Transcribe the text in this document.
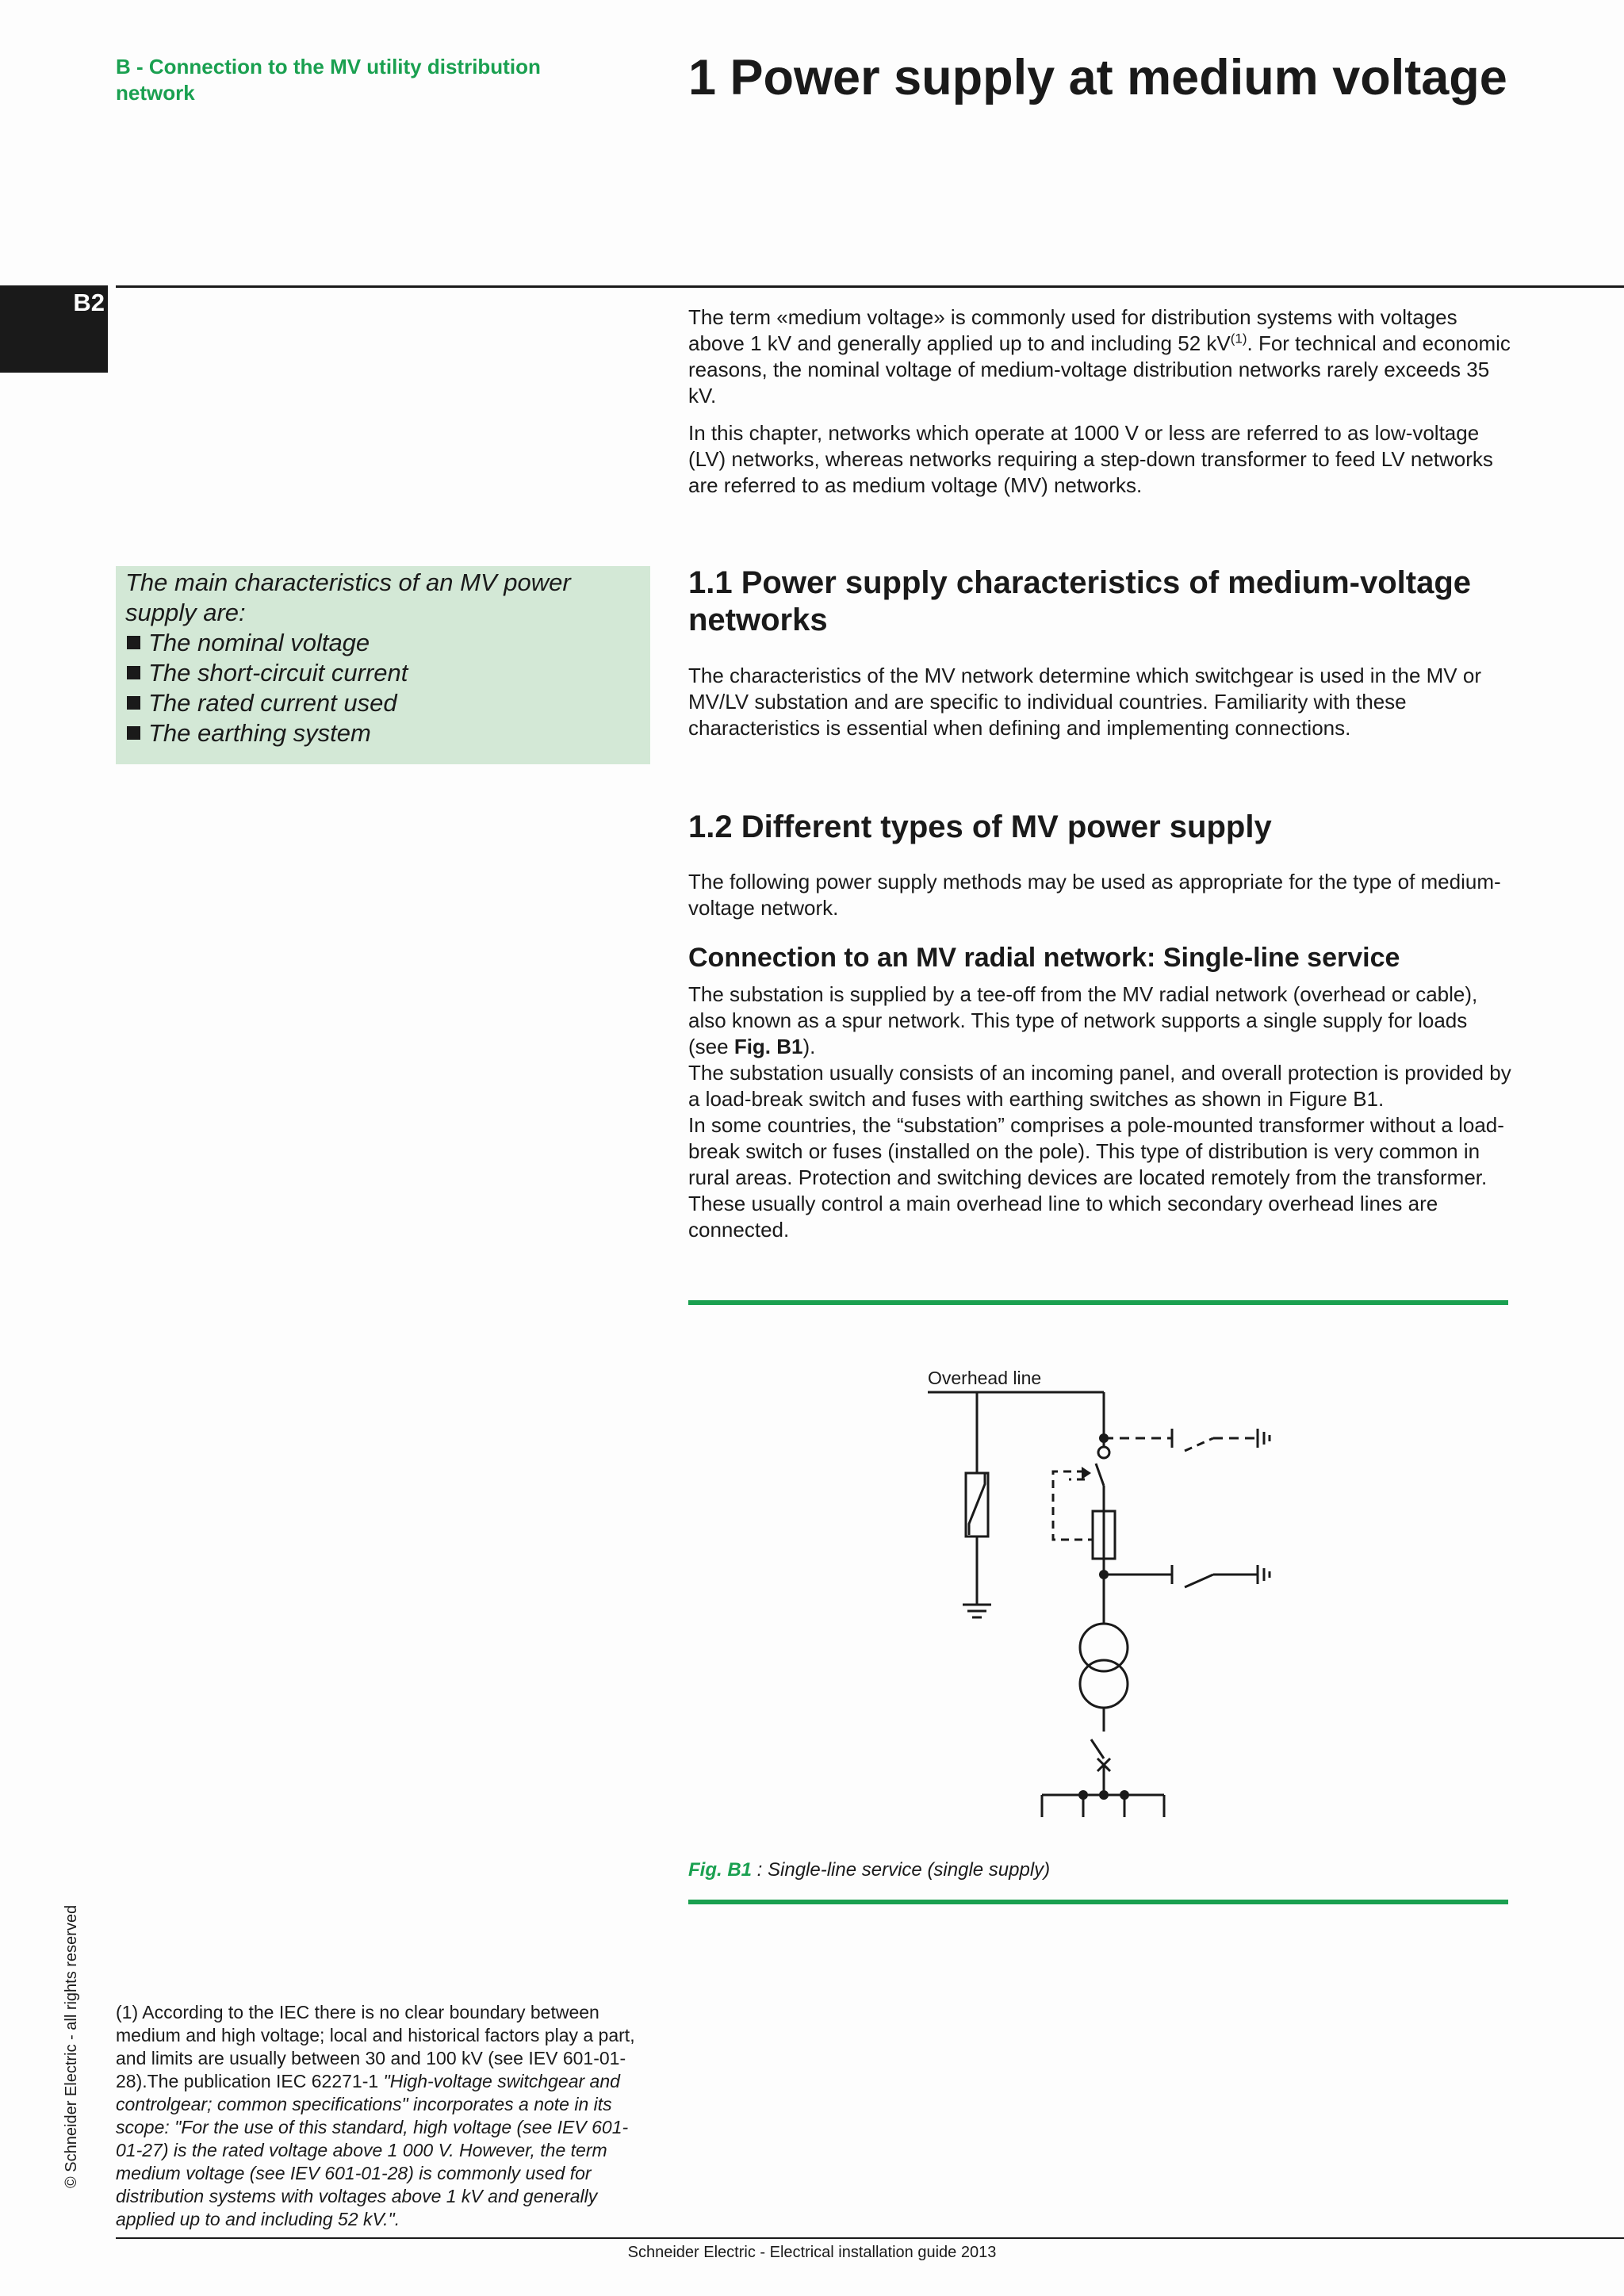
B - Connection to the MV utility distribution network	1 Power supply at medium voltage
B2

The term «medium voltage» is commonly used for distribution systems with voltages above 1 kV and generally applied up to and including 52 $kV^{(1)}$. For technical and economic reasons, the nominal voltage of medium-voltage distribution networks rarely exceeds 35 kV.

In this chapter, networks which operate at 1000 V or less are referred to as low-voltage (LV) networks, whereas networks requiring a step-down transformer to feed LV networks are referred to as medium voltage (MV) networks.
The main characteristics of an MV power supply are:
The nominal voltage
The short-circuit current
The rated current used
The earthing system
1.1 Power supply characteristics of medium-voltage networks
The characteristics of the MV network determine which switchgear is used in the MV or MV/LV substation and are specific to individual countries. Familiarity with these characteristics is essential when defining and implementing connections.
1.2 Different types of MV power supply
The following power supply methods may be used as appropriate for the type of medium-voltage network.
Connection to an MV radial network: Single-line service

The substation is supplied by a tee-off from the MV radial network (overhead or cable), also known as a spur network. This type of network supports a single supply for loads (see Fig. B1).

The substation usually consists of an incoming panel, and overall protection is provided by a load-break switch and fuses with earthing switches as shown in Figure B1.

In some countries, the “substation” comprises a pole-mounted transformer without a load-break switch or fuses (installed on the pole). This type of distribution is very common in rural areas. Protection and switching devices are located remotely from the transformer. These usually control a main overhead line to which secondary overhead lines are connected.

Overhead line
Fig. B1 : Single-line service (single supply)
(1) According to the IEC there is no clear boundary between medium and high voltage; local and historical factors play a part, and limits are usually between 30 and 100 kV (see IEV 601-01-28).The publication IEC 62271-1 "High-voltage switchgear and controlgear; common specifications" incorporates a note in its scope: "For the use of this standard, high voltage (see IEV 601-01-27) is the rated voltage above 1 000 V. However, the term medium voltage (see IEV 601-01-28) is commonly used for distribution systems with voltages above 1 kV and generally applied up to and including 52 kV.".
Schneider Electric - Electrical installation guide 2013
© Schneider Electric - all rights reserved
